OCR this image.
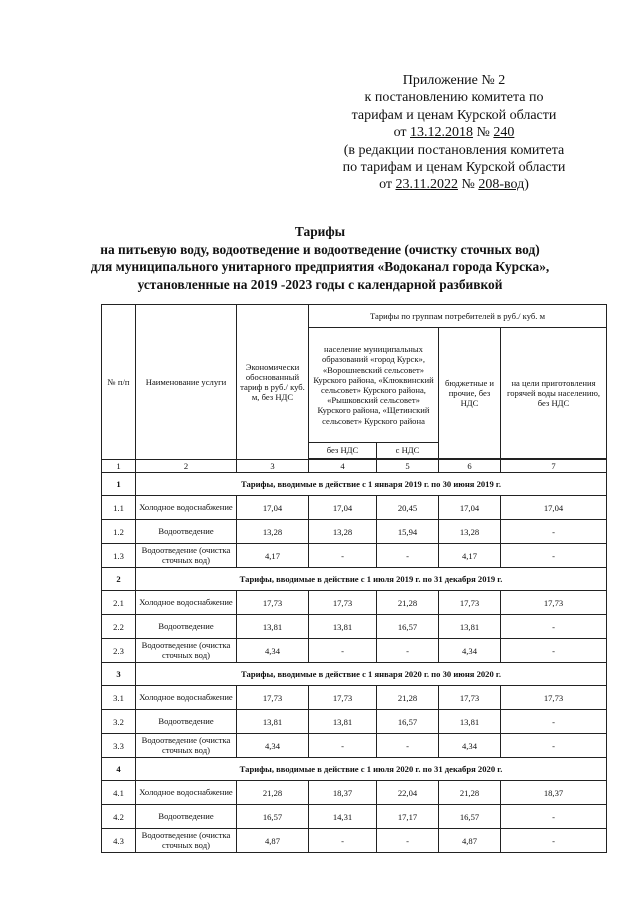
Приложение № 2
к постановлению комитета по
тарифам и ценам Курской области
от 13.12.2018 № 240
(в редакции постановления комитета
по тарифам и ценам Курской области
от 23.11.2022 № 208-вод)
Тарифы
на питьевую воду, водоотведение и водоотведение (очистку сточных вод)
для муниципального унитарного предприятия «Водоканал города Курска»,
установленные на 2019 -2023 годы с календарной разбивкой
№ п/п	Наименование услуги	Экономически обоснованный тариф в руб./ куб. м, без НДС	Тарифы по группам потребителей в руб./ куб. м			
			население муниципальных образований «город Курск», «Ворошневский сельсовет» Курского района, «Клюквинский сельсовет» Курского района, «Рышковский сельсовет» Курского района, «Щетинский сельсовет» Курского района		бюджетные и прочие, без НДС	на цели приготовления горячей воды населению, без НДС
			без НДС	с НДС		

1	2	3	4	5	6	7
1	Тарифы, вводимые в действие с 1 января 2019 г. по 30 июня 2019 г.					
1.1	Холодное водоснабжение	17,04	17,04	20,45	17,04	17,04
1.2	Водоотведение	13,28	13,28	15,94	13,28	-
1.3	Водоотведение (очистка сточных вод)	4,17	-	-	4,17	-
2	Тарифы, вводимые в действие с 1 июля 2019 г. по 31 декабря 2019 г.					
2.1	Холодное водоснабжение	17,73	17,73	21,28	17,73	17,73
2.2	Водоотведение	13,81	13,81	16,57	13,81	-
2.3	Водоотведение (очистка сточных вод)	4,34	-	-	4,34	-
3	Тарифы, вводимые в действие с 1 января 2020 г. по 30 июня 2020 г.					
3.1	Холодное водоснабжение	17,73	17,73	21,28	17,73	17,73
3.2	Водоотведение	13,81	13,81	16,57	13,81	-
3.3	Водоотведение (очистка сточных вод)	4,34	-	-	4,34	-
4	Тарифы, вводимые в действие с 1 июля 2020 г. по 31 декабря 2020 г.					
4.1	Холодное водоснабжение	21,28	18,37	22,04	21,28	18,37
4.2	Водоотведение	16,57	14,31	17,17	16,57	-
4.3	Водоотведение (очистка сточных вод)	4,87	-	-	4,87	-
